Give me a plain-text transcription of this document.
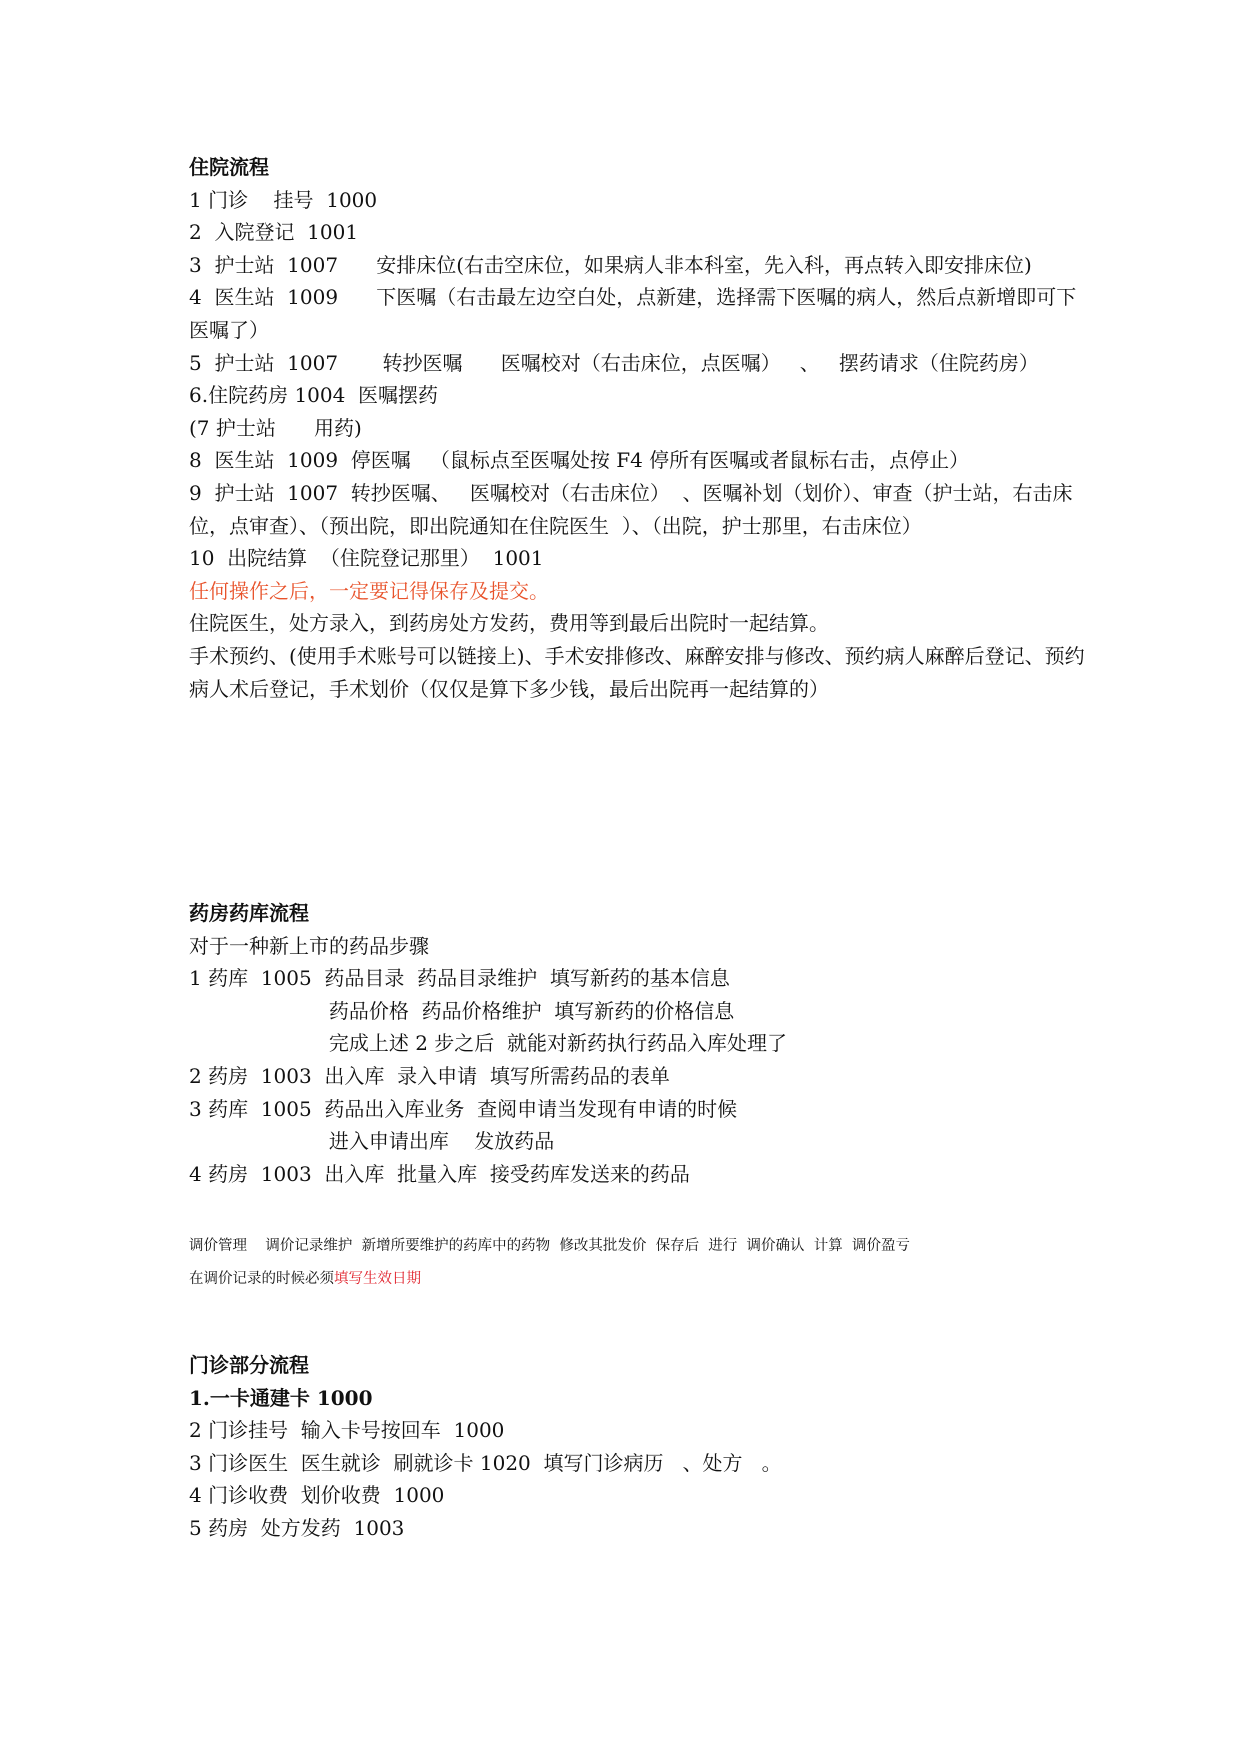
住院流程
1 门诊    挂号  1000
2  入院登记  1001
3  护士站  1007      安排床位(右击空床位，如果病人非本科室，先入科，再点转入即安排床位)
4  医生站  1009      下医嘱（右击最左边空白处，点新建，选择需下医嘱的病人，然后点新增即可下医嘱了）
5  护士站  1007       转抄医嘱      医嘱校对（右击床位，点医嘱）   、   摆药请求（住院药房）
6.住院药房 1004  医嘱摆药
(7 护士站      用药)
8  医生站  1009  停医嘱   （鼠标点至医嘱处按 F4 停所有医嘱或者鼠标右击，点停止）
9  护士站  1007  转抄医嘱、   医嘱校对（右击床位）  、医嘱补划（划价）、审查（护士站，右击床位，点审查）、（预出院，即出院通知在住院医生  ）、（出院，护士那里，右击床位）
10  出院结算  （住院登记那里）  1001
任何操作之后，一定要记得保存及提交。
住院医生，处方录入，到药房处方发药，费用等到最后出院时一起结算。
手术预约、(使用手术账号可以链接上)、手术安排修改、麻醉安排与修改、预约病人麻醉后登记、预约病人术后登记，手术划价（仅仅是算下多少钱，最后出院再一起结算的）
药房药库流程
对于一种新上市的药品步骤
1 药库  1005  药品目录  药品目录维护  填写新药的基本信息
药品价格  药品价格维护  填写新药的价格信息
完成上述 2 步之后  就能对新药执行药品入库处理了
2 药房  1003  出入库  录入申请  填写所需药品的表单
3 药库  1005  药品出入库业务  查阅申请当发现有申请的时候
进入申请出库    发放药品
4 药房  1003  出入库  批量入库  接受药库发送来的药品
调价管理    调价记录维护  新增所要维护的药库中的药物  修改其批发价  保存后  进行  调价确认  计算  调价盈亏
在调价记录的时候必须填写生效日期
门诊部分流程
1.一卡通建卡 1000
2 门诊挂号  输入卡号按回车  1000
3 门诊医生  医生就诊  刷就诊卡 1020  填写门诊病历   、处方   。
4 门诊收费  划价收费  1000
5 药房  处方发药  1003
